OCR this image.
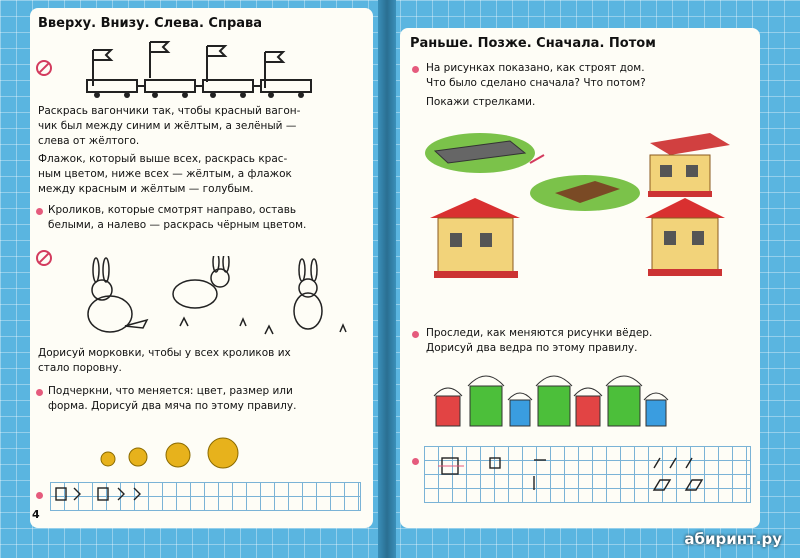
Вверху. Внизу. Слева. Справа
Раскрась вагончики так, чтобы красный вагон-
чик был между синим и жёлтым, а зелёный —
слева от жёлтого.
Флажок, который выше всех, раскрась крас-
ным цветом, ниже всех — жёлтым, а флажок
между красным и жёлтым — голубым.
Кроликов, которые смотрят направо, оставь
белыми, а налево — раскрась чёрным цветом.
Дорисуй морковки, чтобы у всех кроликов их
стало поровну.
Подчеркни, что меняется: цвет, размер или
форма. Дорисуй два мяча по этому правилу.
4
Раньше. Позже. Сначала. Потом
На рисунках показано, как строят дом.
Что было сделано сначала? Что потом?
Покажи стрелками.
Проследи, как меняются рисунки вёдер.
Дорисуй два ведра по этому правилу.
абиринт.ру
